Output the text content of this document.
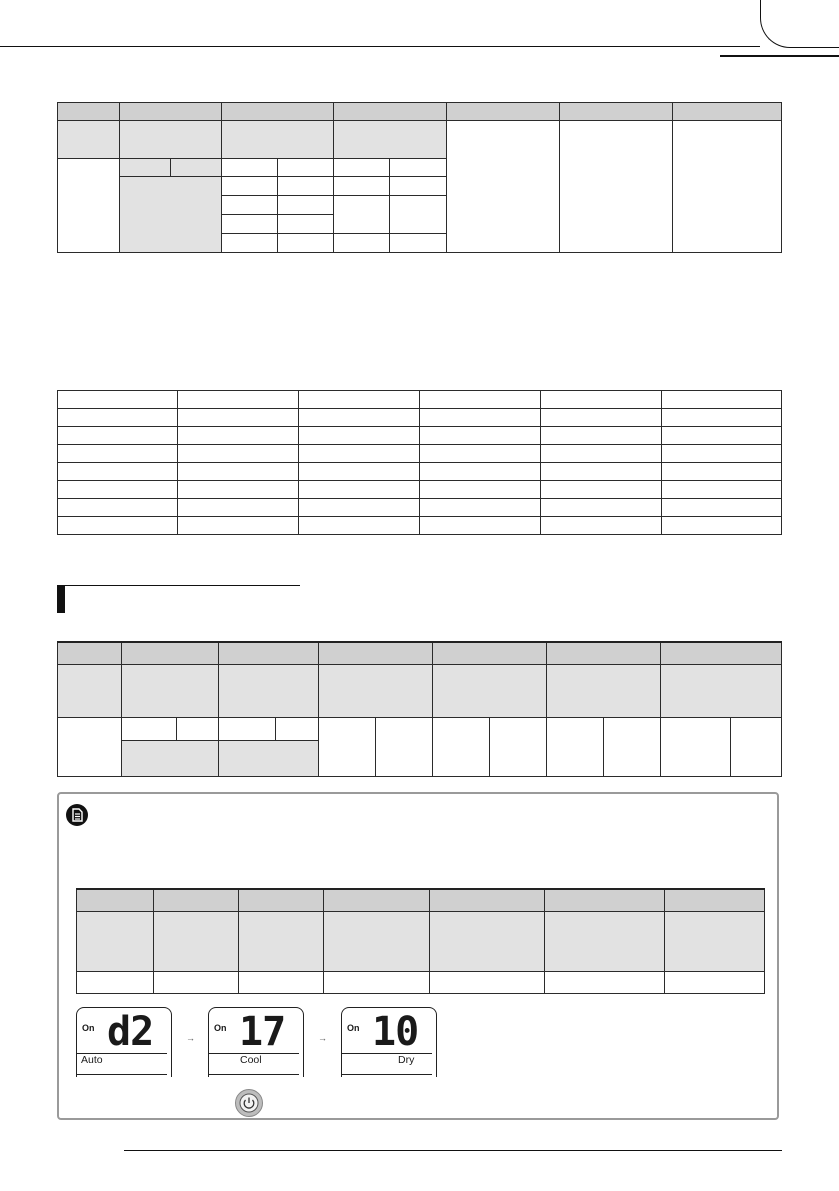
On d2
Auto
→
On 17
Cool
→
On 10
Dry
